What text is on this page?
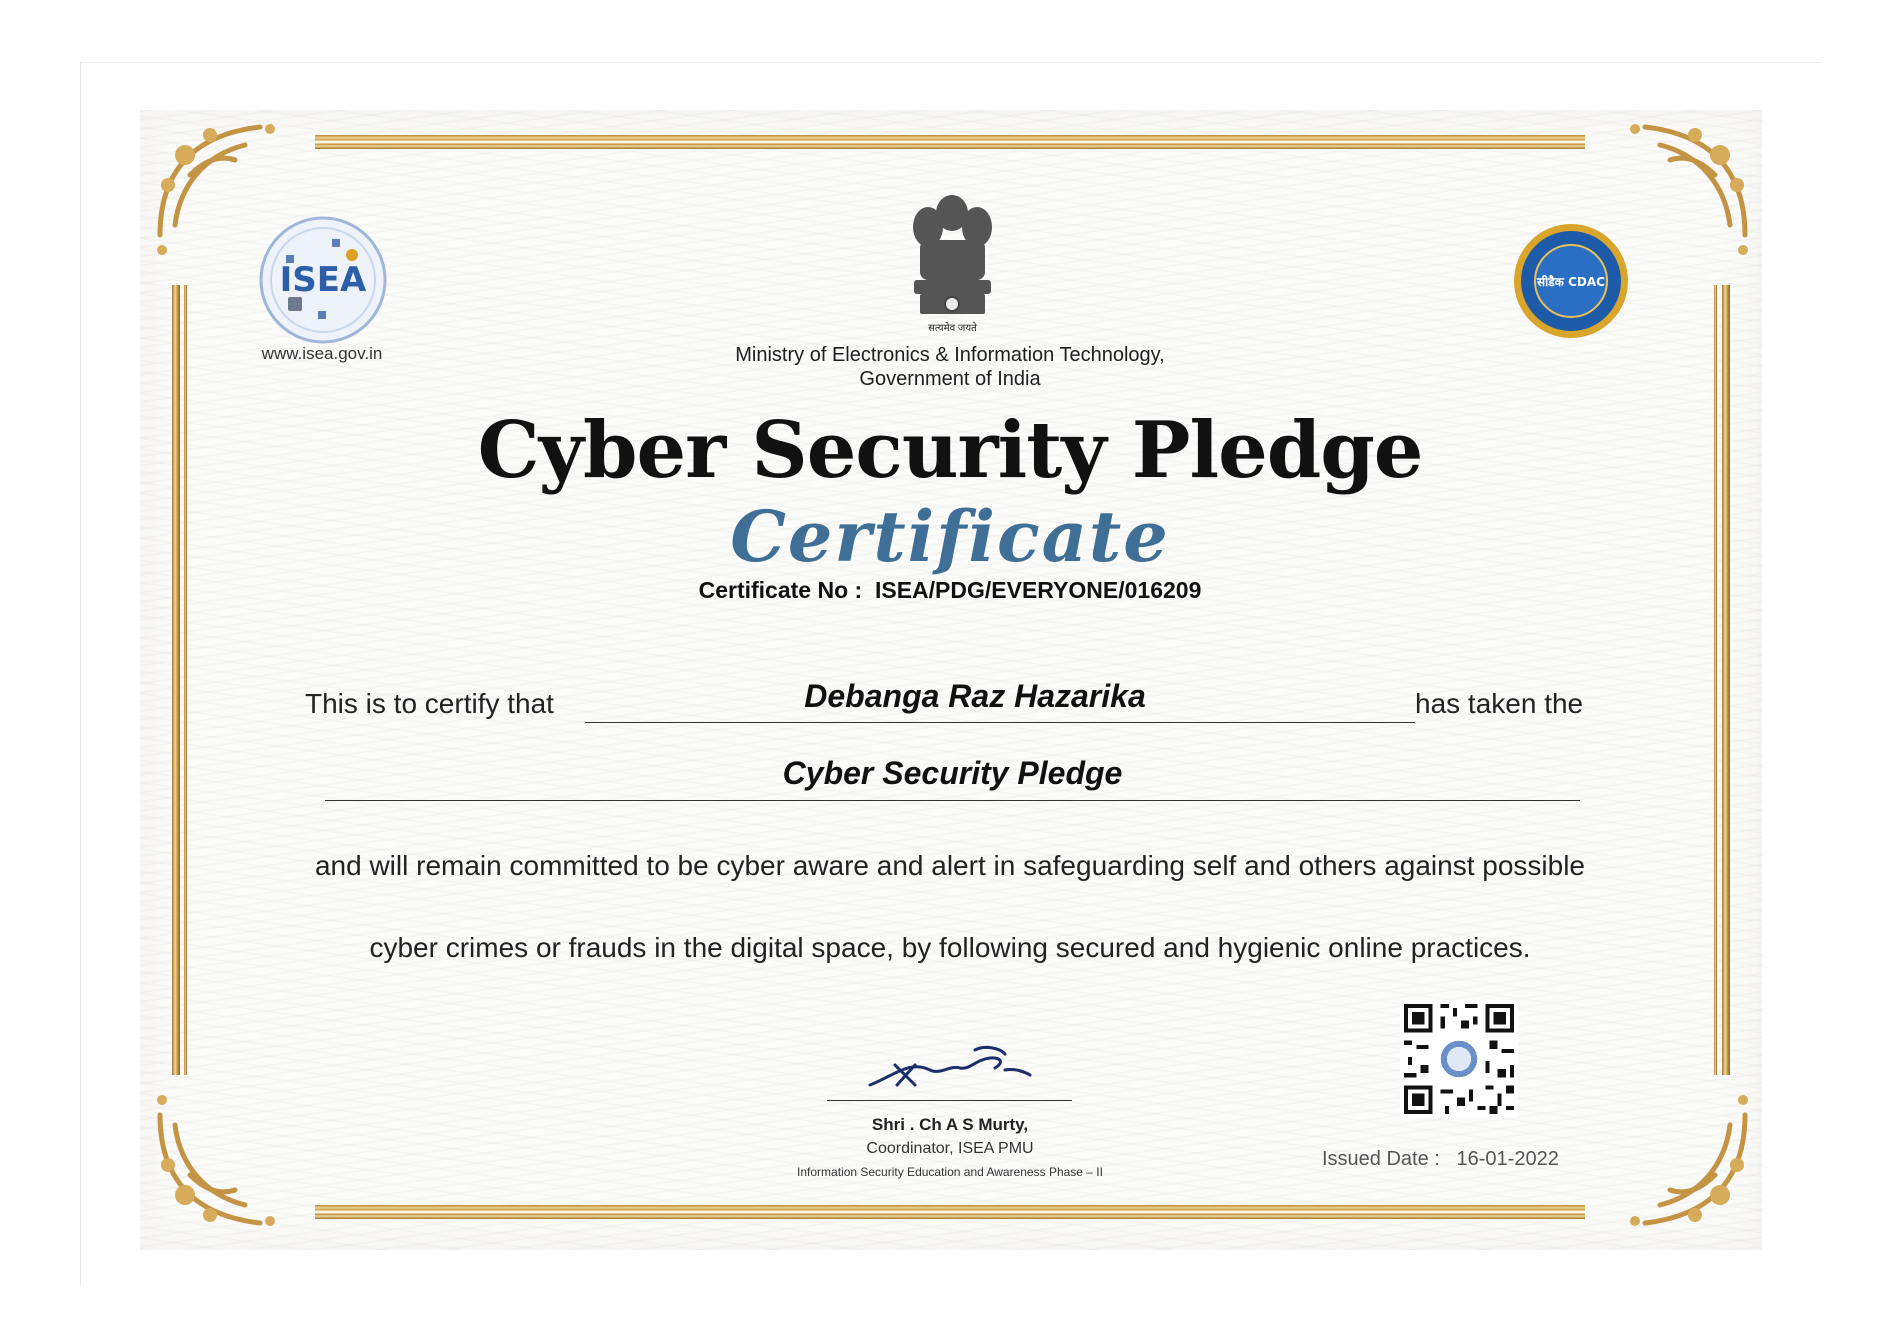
ISEA
www.isea.gov.in
सत्यमेव जयते
Ministry of Electronics & Information Technology,
Government of India
सीडैक CDAC
Cyber Security Pledge
Certificate
Certificate No : ISEA/PDG/EVERYONE/016209
This is to certify that	Debanga Raz Hazarika	has taken the
Cyber Security Pledge
and will remain committed to be cyber aware and alert in safeguarding self and others against possible
cyber crimes or frauds in the digital space, by following secured and hygienic online practices.
Shri . Ch A S Murty,
Coordinator, ISEA PMU
Information Security Education and Awareness Phase – II
Issued Date : 16-01-2022
